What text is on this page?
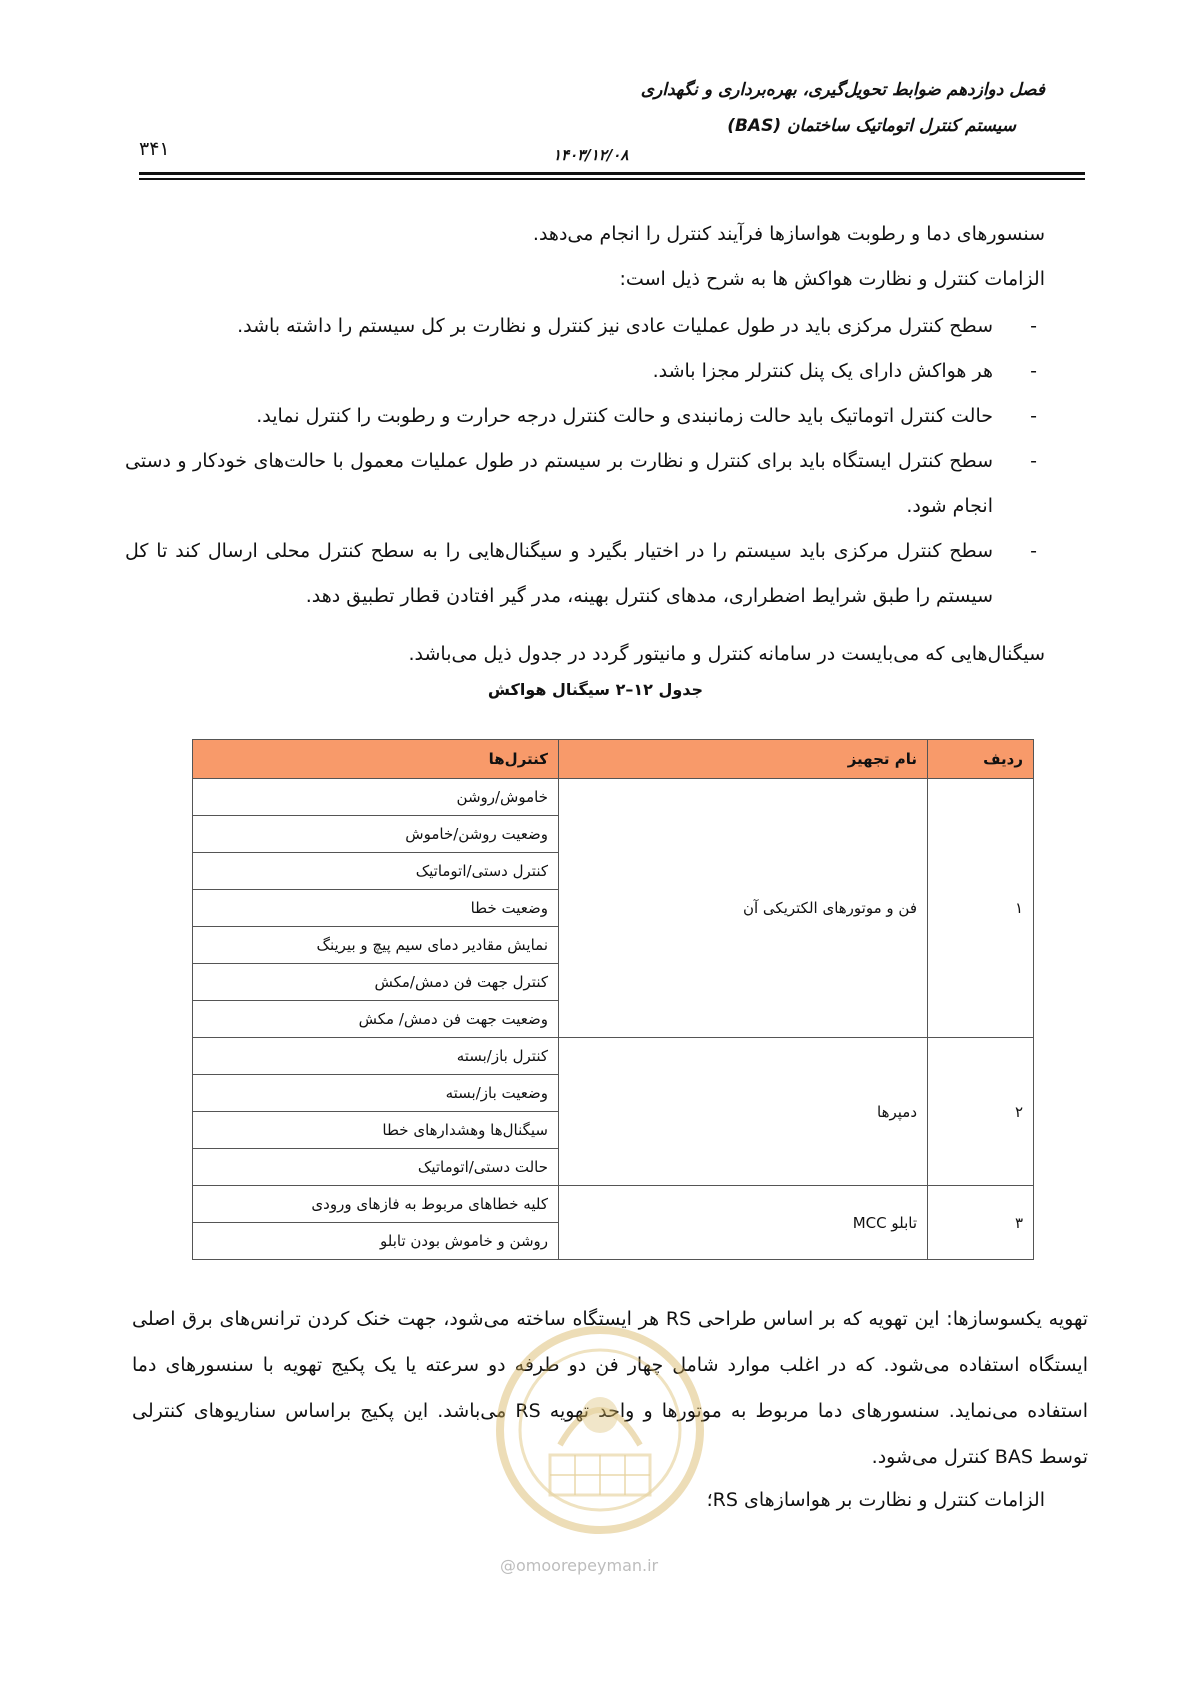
فصل دوازدهم ضوابط تحویل‌گیری، بهره‌برداری و نگهداری
سیستم کنترل اتوماتیک ساختمان (BAS)
۱۴۰۳/۱۲/۰۸
۳۴۱
سنسورهای دما و رطوبت هواسازها فرآیند کنترل را انجام می‌دهد.
الزامات کنترل و نظارت هواکش ها به شرح ذیل است:
-
سطح کنترل مرکزی باید در طول عملیات عادی نیز کنترل و نظارت بر کل سیستم را داشته باشد.
-
هر هواکش دارای یک پنل کنترلر مجزا باشد.
-
حالت کنترل اتوماتیک باید حالت زمانبندی و حالت کنترل درجه حرارت و رطوبت را کنترل نماید.
-
سطح کنترل ایستگاه باید برای کنترل و نظارت بر سیستم در طول عملیات معمول با حالت‌های خودکار و دستی انجام شود.
-
سطح کنترل مرکزی باید سیستم را در اختیار بگیرد و سیگنال‌هایی را به سطح کنترل محلی ارسال کند تا کل سیستم را طبق شرایط اضطراری، مدهای کنترل بهینه، مدر گیر افتادن قطار تطبیق دهد.
سیگنال‌هایی که می‌بایست در سامانه کنترل و مانیتور گردد در جدول ذیل می‌باشد.
جدول ۱۲–۲ سیگنال هواکش
ردیف	نام تجهیز	کنترل‌ها
۱	فن و موتورهای الکتریکی آن	خاموش/روشن
		وضعیت روشن/خاموش
		کنترل دستی/اتوماتیک
		وضعیت خطا
		نمایش مقادیر دمای سیم پیچ و بیرینگ
		کنترل جهت فن دمش/مکش
		وضعیت جهت فن دمش/ مکش
۲	دمپرها	کنترل باز/بسته
		وضعیت باز/بسته
		سیگنال‌ها وهشدارهای خطا
		حالت دستی/اتوماتیک
۳	تابلو MCC	کلیه خطاهای مربوط به فازهای ورودی
		روشن و خاموش بودن تابلو
تهویه یکسوسازها: این تهویه که بر اساس طراحی RS هر ایستگاه ساخته می‌شود، جهت خنک کردن ترانس‌های برق اصلی ایستگاه استفاده می‌شود. که در اغلب موارد شامل چهار فن دو طرفه دو سرعته یا یک پکیج تهویه با سنسورهای دما استفاده می‌نماید. سنسورهای دما مربوط به موتورها و واحد تهویه RS می‌باشد. این پکیج براساس سناریوهای کنترلی توسط BAS کنترل می‌شود.
الزامات کنترل و نظارت بر هواسازهای RS؛
@omoorepeyman.ir
